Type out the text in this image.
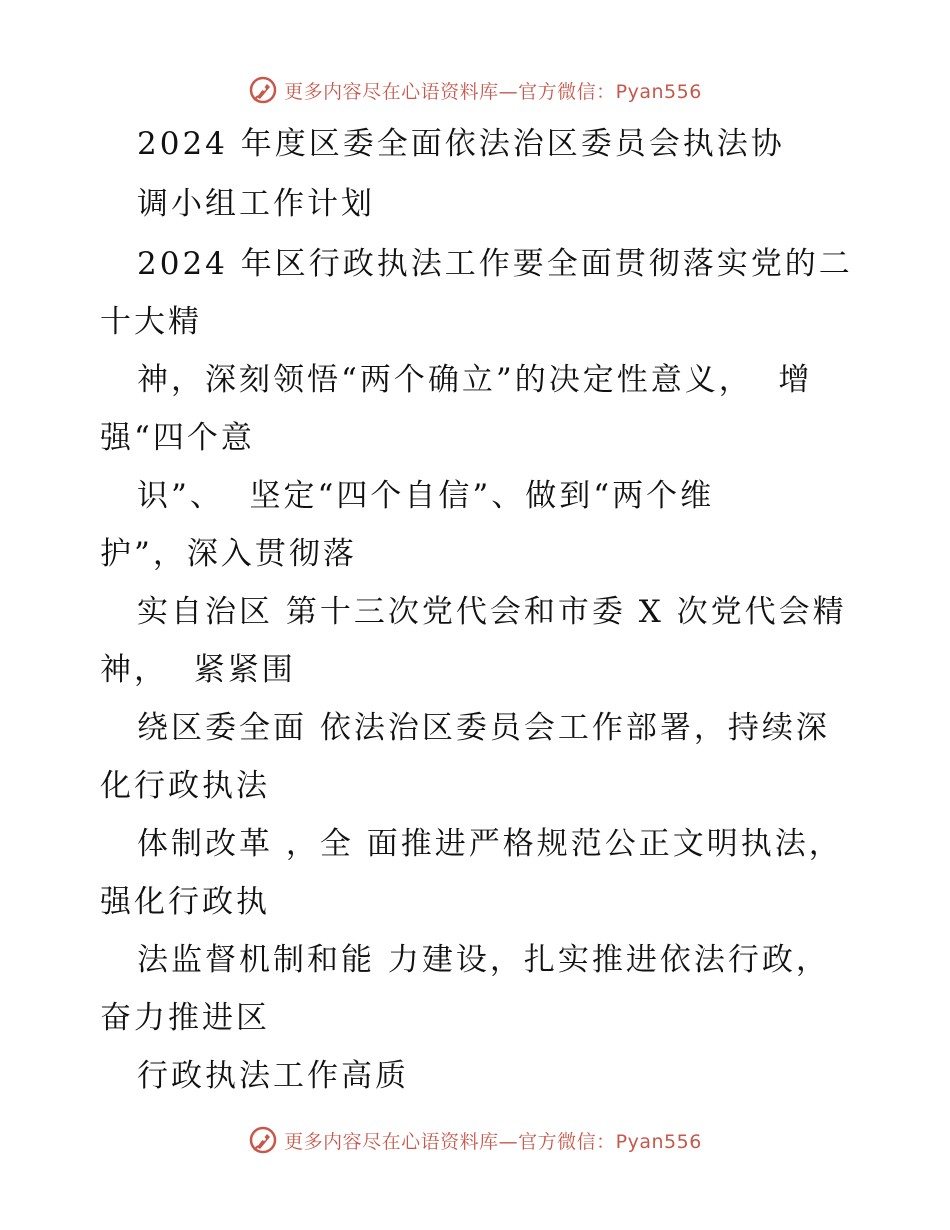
更多内容尽在心语资料库—官方微信：Pyan556
2024 年度区委全面依法治区委员会执法协
调小组工作计划
2024 年区行政执法工作要全面贯彻落实党的二
十大精
神，深刻领悟“两个确立”的决定性意义，  增
强“四个意
识”、  坚定“四个自信”、做到“两个维
护”，深入贯彻落
实自治区 第十三次党代会和市委 X 次党代会精
神，  紧紧围
绕区委全面 依法治区委员会工作部署，持续深
化行政执法
体制改革 ，全 面推进严格规范公正文明执法，
强化行政执
法监督机制和能 力建设，扎实推进依法行政，
奋力推进区
行政执法工作高质
更多内容尽在心语资料库—官方微信：Pyan556
